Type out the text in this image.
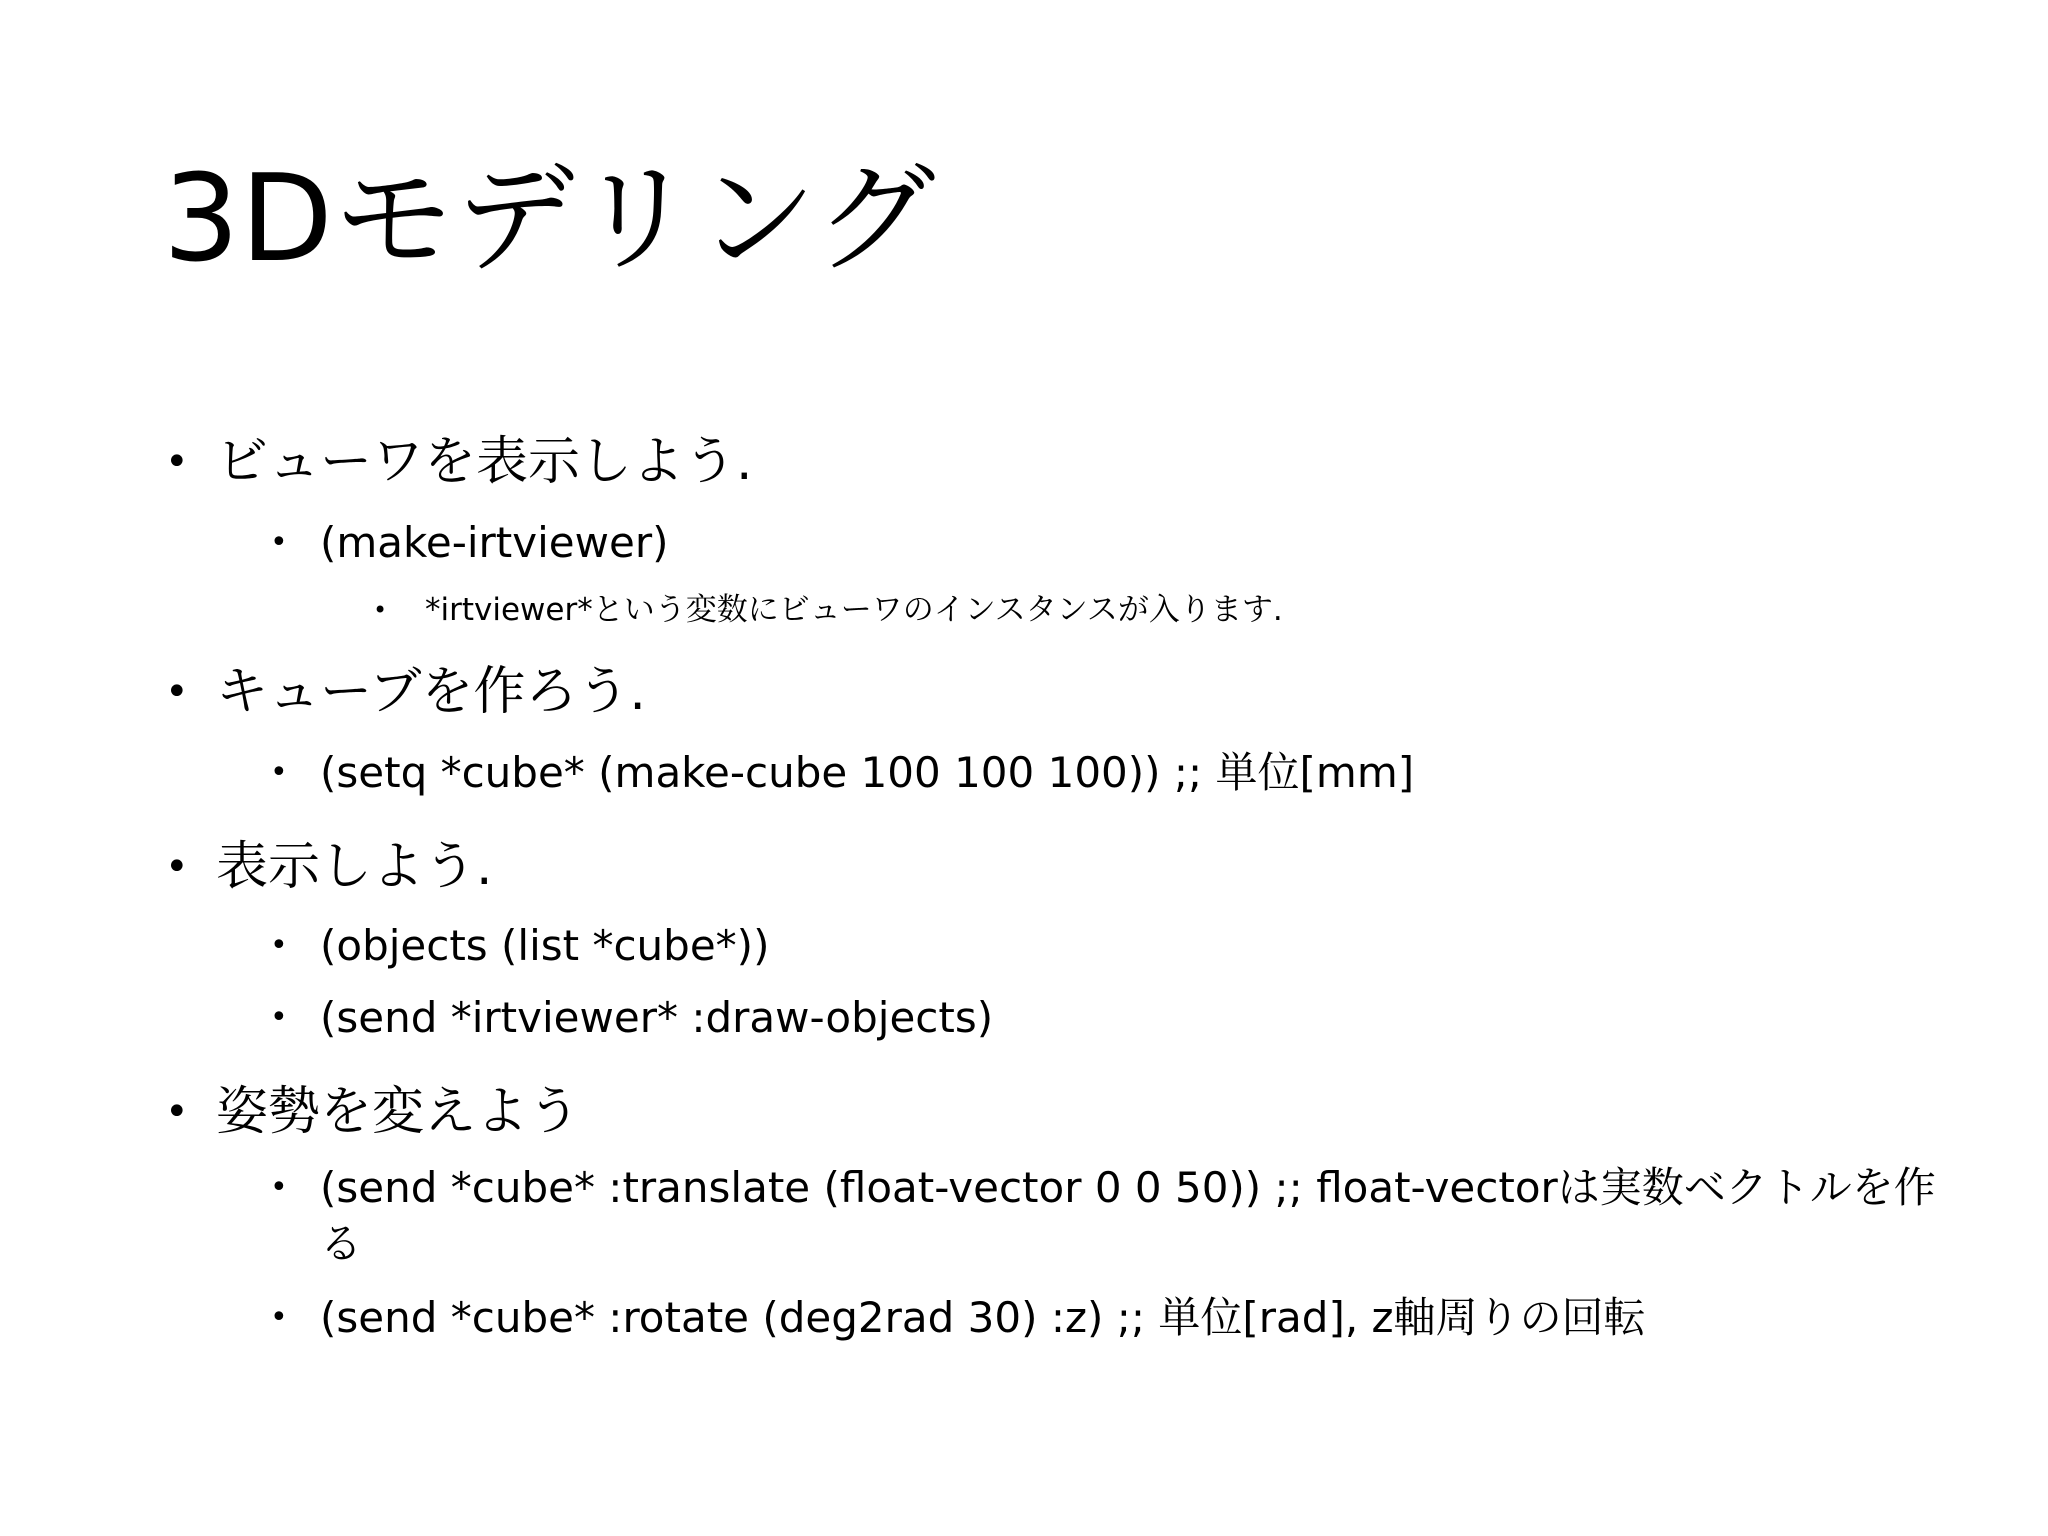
3Dモデリング
• ビューワを表示しよう.
• (make-irtviewer)
• *irtviewer*という変数にビューワのインスタンスが入ります.
• キューブを作ろう.
• (setq *cube* (make-cube 100 100 100)) ;; 単位[mm]
• 表示しよう.
• (objects (list *cube*))
• (send *irtviewer* :draw-objects)
• 姿勢を変えよう
• (send *cube* :translate (float-vector 0 0 50)) ;; float-vectorは実数ベクトルを作
る
• (send *cube* :rotate (deg2rad 30) :z) ;; 単位[rad], z軸周りの回転
